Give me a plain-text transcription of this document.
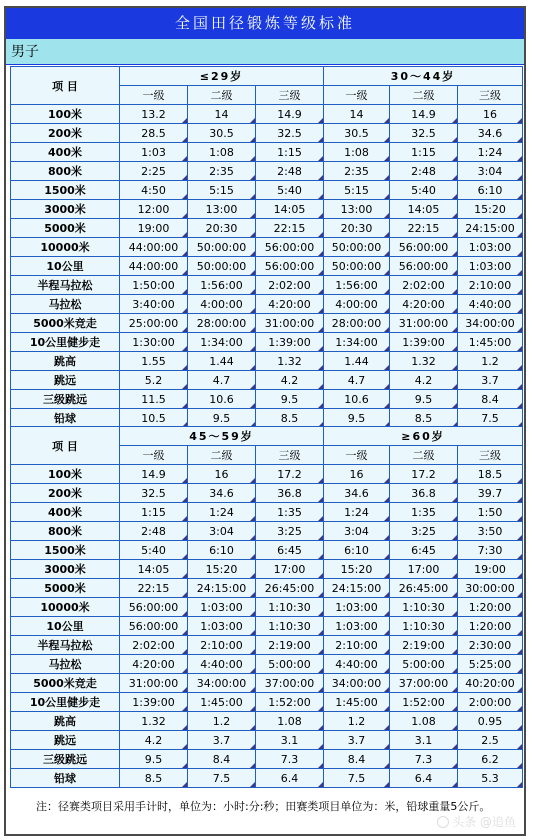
全国田径锻炼等级标准
男子
项 目	≤29岁			30～44岁		
	一级	二级	三级	一级	二级	三级
100米	13.2	14	14.9	14	14.9	16
200米	28.5	30.5	32.5	30.5	32.5	34.6
400米	1:03	1:08	1:15	1:08	1:15	1:24
800米	2:25	2:35	2:48	2:35	2:48	3:04
1500米	4:50	5:15	5:40	5:15	5:40	6:10
3000米	12:00	13:00	14:05	13:00	14:05	15:20
5000米	19:00	20:30	22:15	20:30	22:15	24:15:00
10000米	44:00:00	50:00:00	56:00:00	50:00:00	56:00:00	1:03:00
10公里	44:00:00	50:00:00	56:00:00	50:00:00	56:00:00	1:03:00
半程马拉松	1:50:00	1:56:00	2:02:00	1:56:00	2:02:00	2:10:00
马拉松	3:40:00	4:00:00	4:20:00	4:00:00	4:20:00	4:40:00
5000米竞走	25:00:00	28:00:00	31:00:00	28:00:00	31:00:00	34:00:00
10公里健步走	1:30:00	1:34:00	1:39:00	1:34:00	1:39:00	1:45:00
跳高	1.55	1.44	1.32	1.44	1.32	1.2
跳远	5.2	4.7	4.2	4.7	4.2	3.7
三级跳远	11.5	10.6	9.5	10.6	9.5	8.4
铅球	10.5	9.5	8.5	9.5	8.5	7.5
项 目	45～59岁			≥60岁		
	一级	二级	三级	一级	二级	三级
100米	14.9	16	17.2	16	17.2	18.5
200米	32.5	34.6	36.8	34.6	36.8	39.7
400米	1:15	1:24	1:35	1:24	1:35	1:50
800米	2:48	3:04	3:25	3:04	3:25	3:50
1500米	5:40	6:10	6:45	6:10	6:45	7:30
3000米	14:05	15:20	17:00	15:20	17:00	19:00
5000米	22:15	24:15:00	26:45:00	24:15:00	26:45:00	30:00:00
10000米	56:00:00	1:03:00	1:10:30	1:03:00	1:10:30	1:20:00
10公里	56:00:00	1:03:00	1:10:30	1:03:00	1:10:30	1:20:00
半程马拉松	2:02:00	2:10:00	2:19:00	2:10:00	2:19:00	2:30:00
马拉松	4:20:00	4:40:00	5:00:00	4:40:00	5:00:00	5:25:00
5000米竞走	31:00:00	34:00:00	37:00:00	34:00:00	37:00:00	40:20:00
10公里健步走	1:39:00	1:45:00	1:52:00	1:45:00	1:52:00	2:00:00
跳高	1.32	1.2	1.08	1.2	1.08	0.95
跳远	4.2	3.7	3.1	3.7	3.1	2.5
三级跳远	9.5	8.4	7.3	8.4	7.3	6.2
铅球	8.5	7.5	6.4	7.5	6.4	5.3
注：径赛类项目采用手计时，单位为：小时:分:秒；田赛类项目单位为：米，铅球重量5公斤。
头条 @追鱼
